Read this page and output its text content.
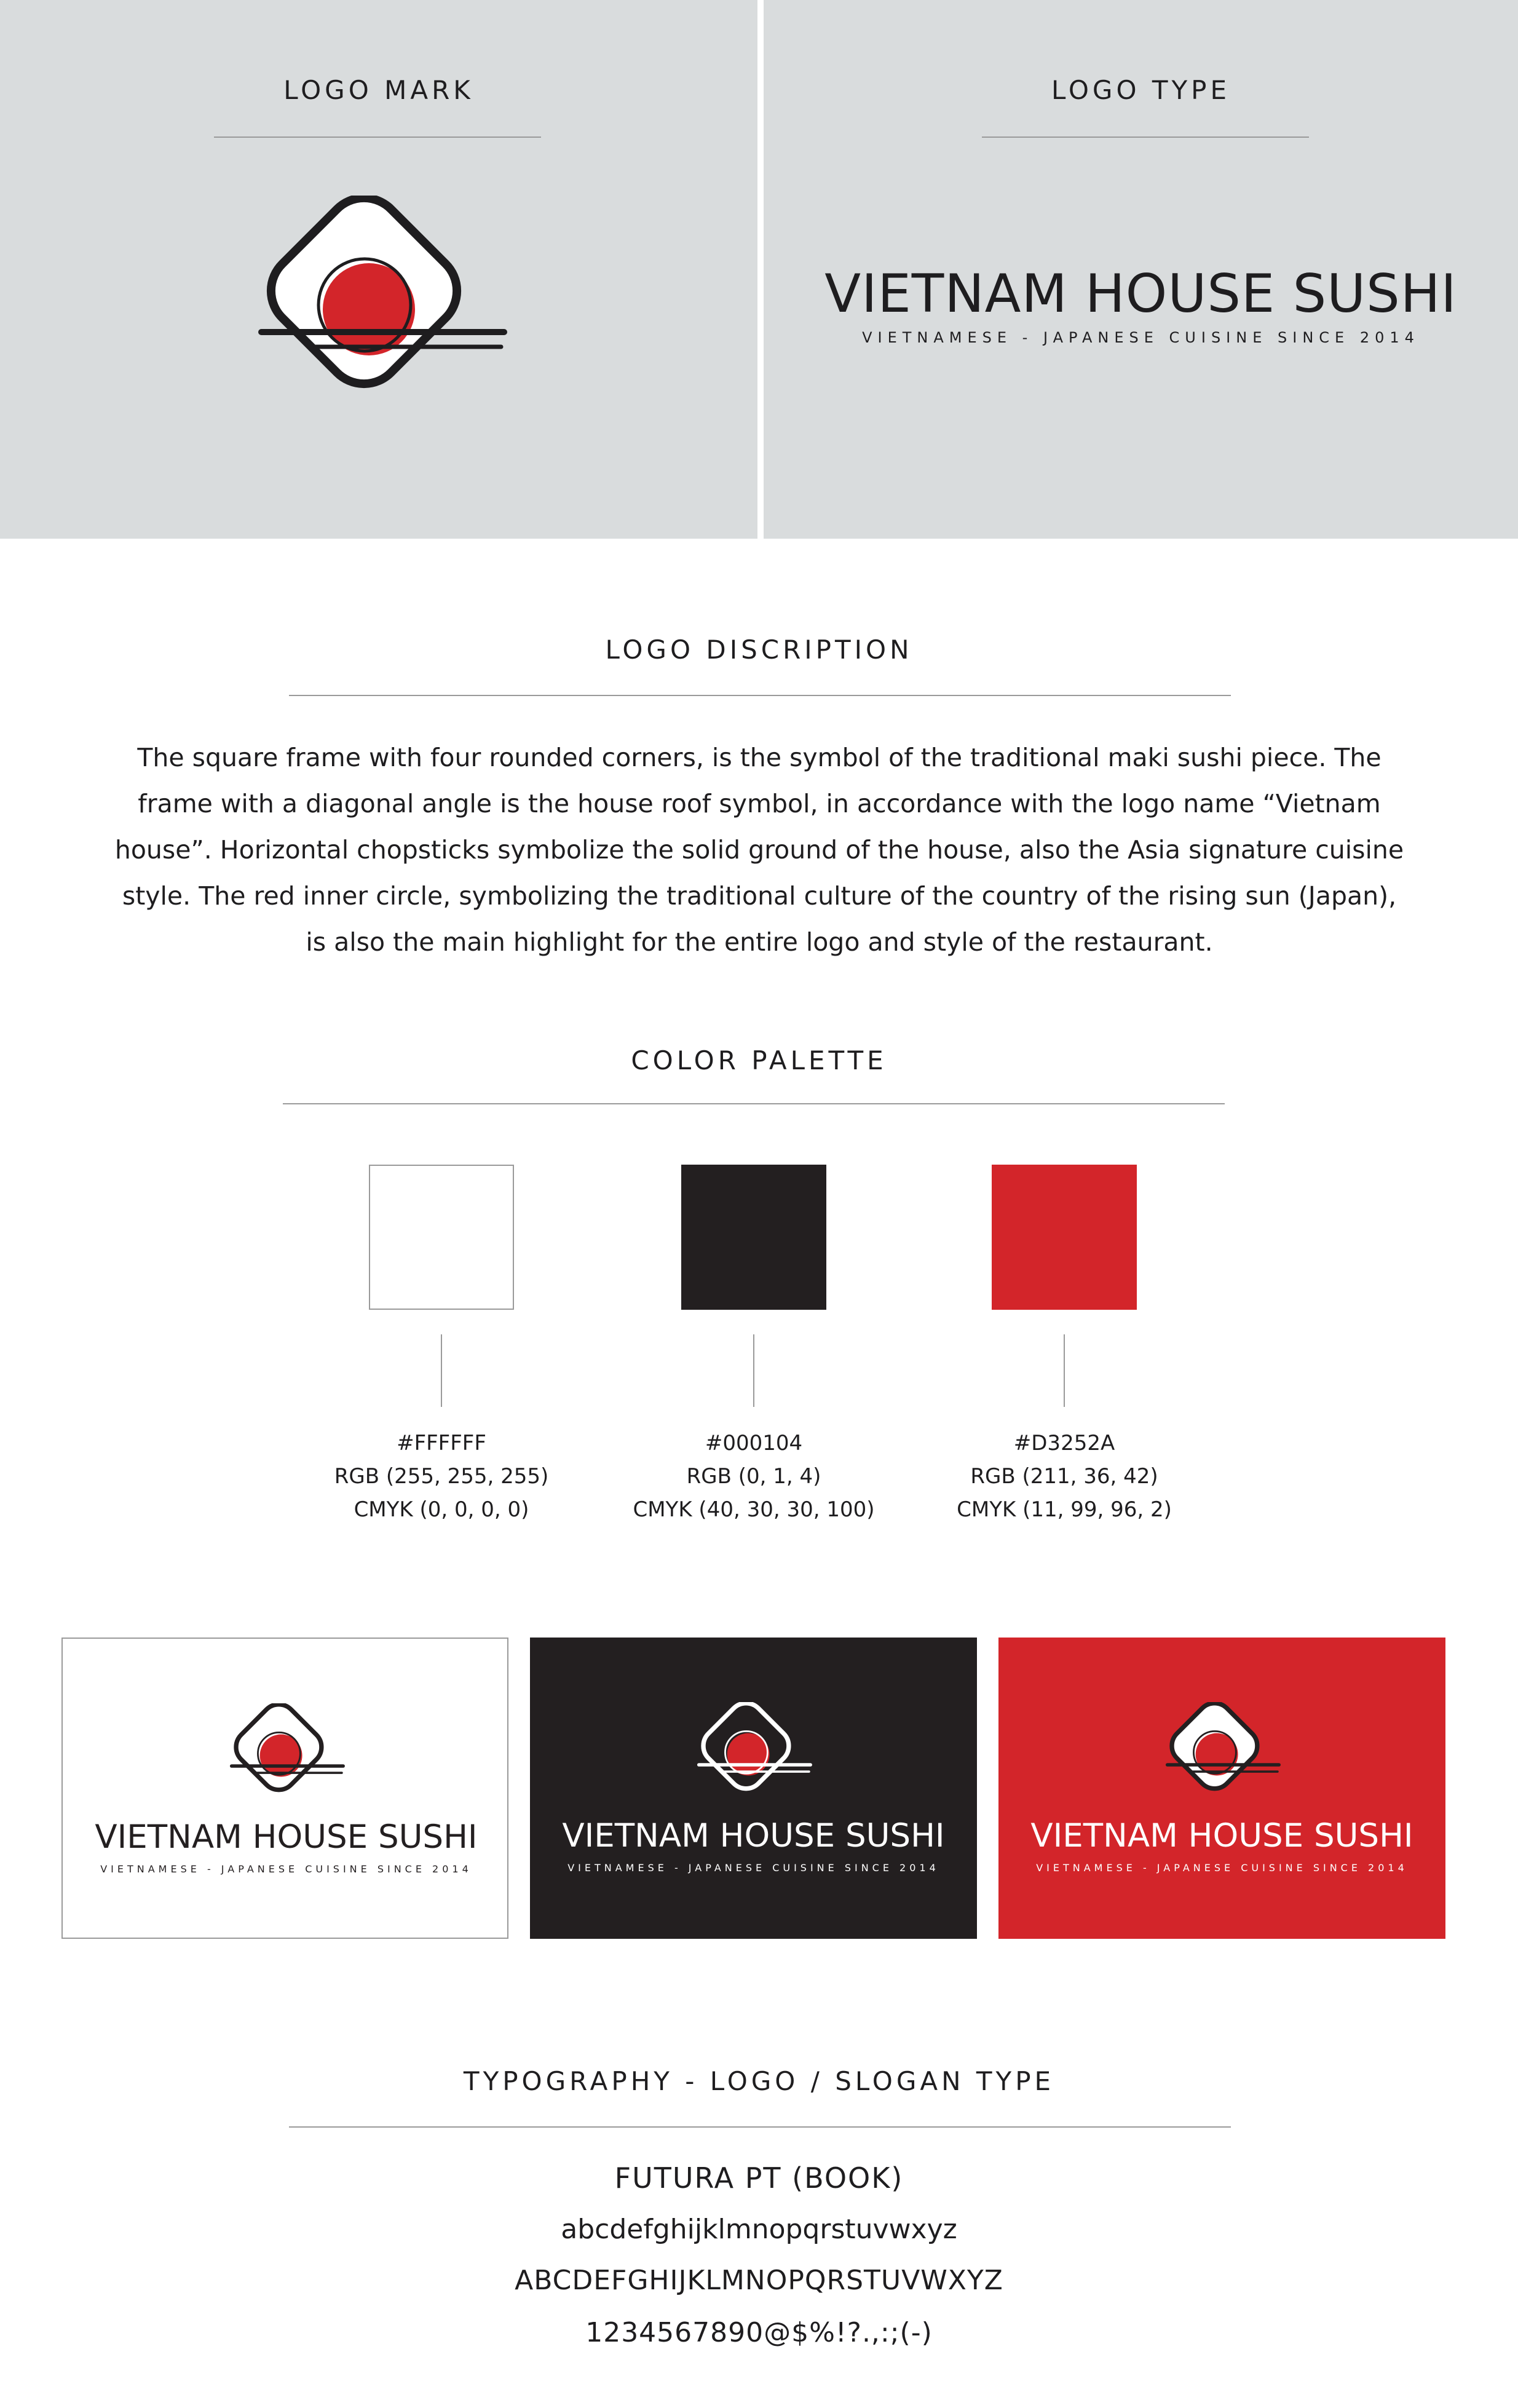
LOGO MARK	LOGO TYPE
VIETNAM HOUSE SUSHI
VIETNAMESE - JAPANESE CUISINE SINCE 2014
LOGO DISCRIPTION
The square frame with four rounded corners, is the symbol of the traditional maki sushi piece. The frame with a diagonal angle is the house roof symbol, in accordance with the logo name “Vietnam house”. Horizontal chopsticks symbolize the solid ground of the house, also the Asia signature cuisine style. The red inner circle, symbolizing the traditional culture of the country of the rising sun (Japan), is also the main highlight for the entire logo and style of the restaurant.
COLOR PALETTE
#FFFFFF
RGB (255, 255, 255)
CMYK (0, 0, 0, 0)
#000104
RGB (0, 1, 4)
CMYK (40, 30, 30, 100)
#D3252A
RGB (211, 36, 42)
CMYK (11, 99, 96, 2)
VIETNAM HOUSE SUSHI
VIETNAMESE - JAPANESE CUISINE SINCE 2014
VIETNAM HOUSE SUSHI
VIETNAMESE - JAPANESE CUISINE SINCE 2014
VIETNAM HOUSE SUSHI
VIETNAMESE - JAPANESE CUISINE SINCE 2014
TYPOGRAPHY - LOGO / SLOGAN TYPE
FUTURA PT (BOOK)
abcdefghijklmnopqrstuvwxyz
ABCDEFGHIJKLMNOPQRSTUVWXYZ
1234567890@$%!?.,:;(-)
